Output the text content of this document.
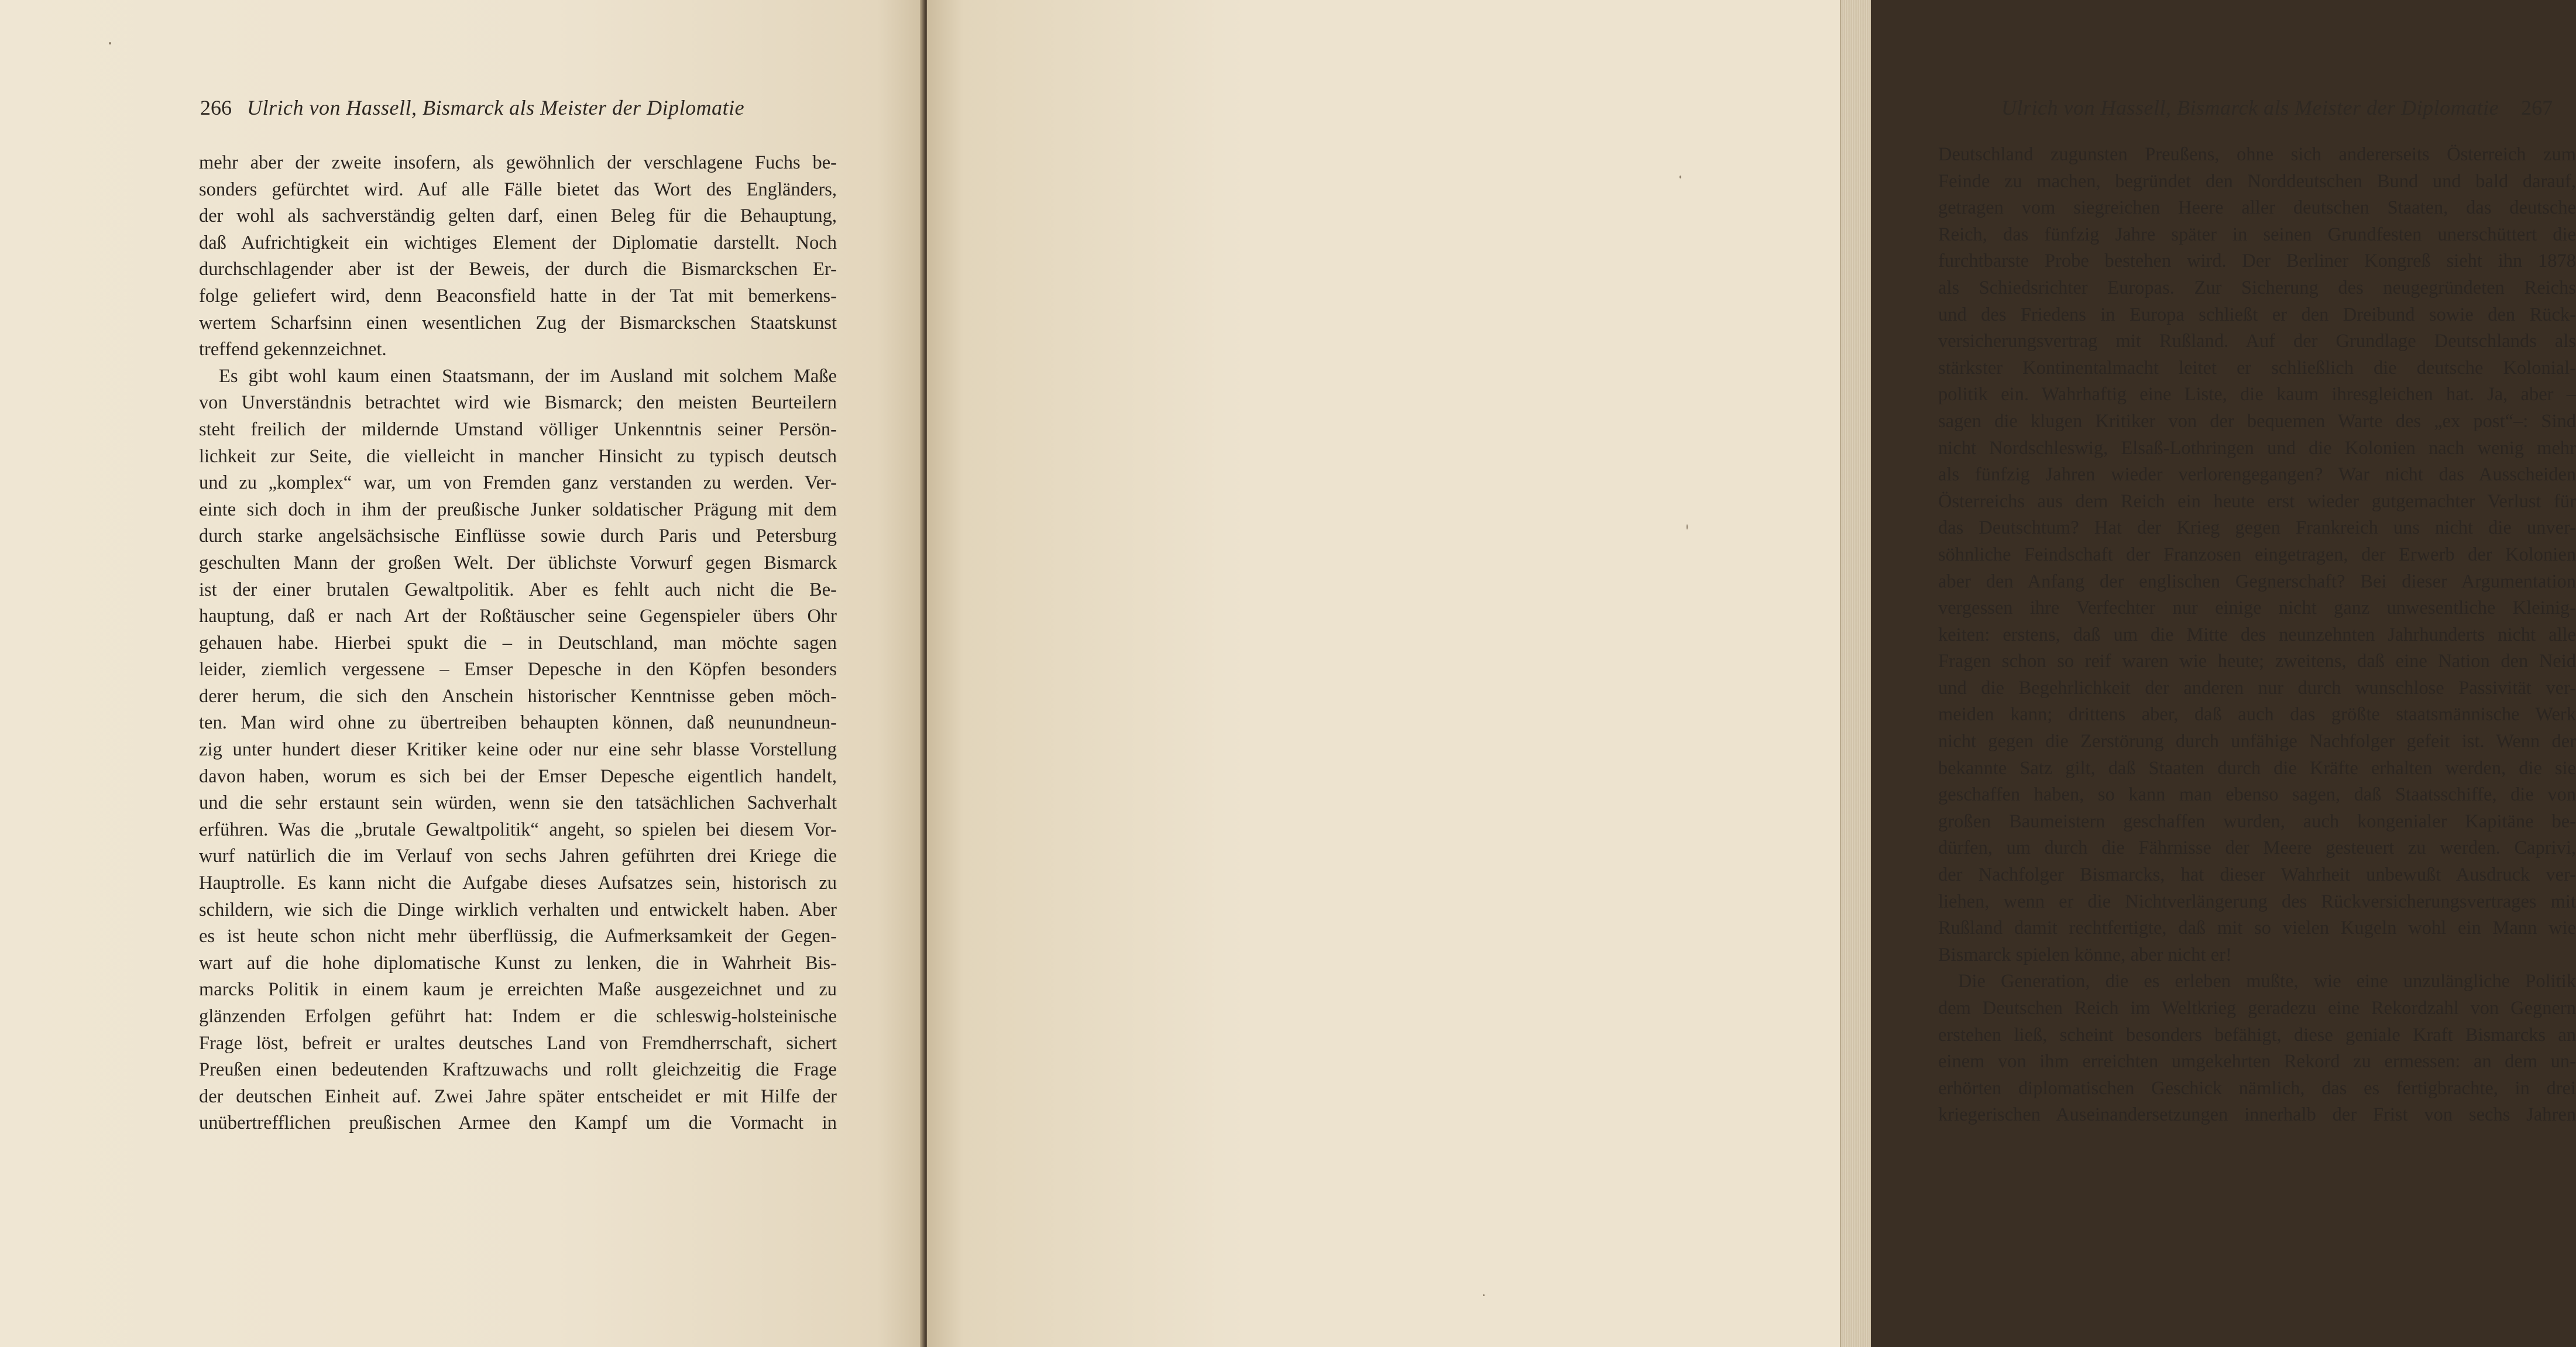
266 Ulrich von Hassell, Bismarck als Meister der Diplomatie
mehr aber der zweite insofern, als gewöhnlich der verschlagene Fuchs be-
sonders gefürchtet wird. Auf alle Fälle bietet das Wort des Engländers,
der wohl als sachverständig gelten darf, einen Beleg für die Behauptung,
daß Aufrichtigkeit ein wichtiges Element der Diplomatie darstellt. Noch
durchschlagender aber ist der Beweis, der durch die Bismarckschen Er-
folge geliefert wird, denn Beaconsfield hatte in der Tat mit bemerkens-
wertem Scharfsinn einen wesentlichen Zug der Bismarckschen Staatskunst
treffend gekennzeichnet.
Es gibt wohl kaum einen Staatsmann, der im Ausland mit solchem Maße
von Unverständnis betrachtet wird wie Bismarck; den meisten Beurteilern
steht freilich der mildernde Umstand völliger Unkenntnis seiner Persön-
lichkeit zur Seite, die vielleicht in mancher Hinsicht zu typisch deutsch
und zu „komplex“ war, um von Fremden ganz verstanden zu werden. Ver-
einte sich doch in ihm der preußische Junker soldatischer Prägung mit dem
durch starke angelsächsische Einflüsse sowie durch Paris und Petersburg
geschulten Mann der großen Welt. Der üblichste Vorwurf gegen Bismarck
ist der einer brutalen Gewaltpolitik. Aber es fehlt auch nicht die Be-
hauptung, daß er nach Art der Roßtäuscher seine Gegenspieler übers Ohr
gehauen habe. Hierbei spukt die – in Deutschland, man möchte sagen
leider, ziemlich vergessene – Emser Depesche in den Köpfen besonders
derer herum, die sich den Anschein historischer Kenntnisse geben möch-
ten. Man wird ohne zu übertreiben behaupten können, daß neunundneun-
zig unter hundert dieser Kritiker keine oder nur eine sehr blasse Vorstellung
davon haben, worum es sich bei der Emser Depesche eigentlich handelt,
und die sehr erstaunt sein würden, wenn sie den tatsächlichen Sachverhalt
erführen. Was die „brutale Gewaltpolitik“ angeht, so spielen bei diesem Vor-
wurf natürlich die im Verlauf von sechs Jahren geführten drei Kriege die
Hauptrolle. Es kann nicht die Aufgabe dieses Aufsatzes sein, historisch zu
schildern, wie sich die Dinge wirklich verhalten und entwickelt haben. Aber
es ist heute schon nicht mehr überflüssig, die Aufmerksamkeit der Gegen-
wart auf die hohe diplomatische Kunst zu lenken, die in Wahrheit Bis-
marcks Politik in einem kaum je erreichten Maße ausgezeichnet und zu
glänzenden Erfolgen geführt hat: Indem er die schleswig-holsteinische
Frage löst, befreit er uraltes deutsches Land von Fremdherrschaft, sichert
Preußen einen bedeutenden Kraftzuwachs und rollt gleichzeitig die Frage
der deutschen Einheit auf. Zwei Jahre später entscheidet er mit Hilfe der
unübertrefflichen preußischen Armee den Kampf um die Vormacht in
Ulrich von Hassell, Bismarck als Meister der Diplomatie 267
Deutschland zugunsten Preußens, ohne sich andererseits Österreich zum
Feinde zu machen, begründet den Norddeutschen Bund und bald darauf,
getragen vom siegreichen Heere aller deutschen Staaten, das deutsche
Reich, das fünfzig Jahre später in seinen Grundfesten unerschüttert die
furchtbarste Probe bestehen wird. Der Berliner Kongreß sieht ihn 1878
als Schiedsrichter Europas. Zur Sicherung des neugegründeten Reichs
und des Friedens in Europa schließt er den Dreibund sowie den Rück-
versicherungsvertrag mit Rußland. Auf der Grundlage Deutschlands als
stärkster Kontinentalmacht leitet er schließlich die deutsche Kolonial-
politik ein. Wahrhaftig eine Liste, die kaum ihresgleichen hat. Ja, aber –
sagen die klugen Kritiker von der bequemen Warte des „ex post“–: Sind
nicht Nordschleswig, Elsaß-Lothringen und die Kolonien nach wenig mehr
als fünfzig Jahren wieder verlorengegangen? War nicht das Ausscheiden
Österreichs aus dem Reich ein heute erst wieder gutgemachter Verlust für
das Deutschtum? Hat der Krieg gegen Frankreich uns nicht die unver-
söhnliche Feindschaft der Franzosen eingetragen, der Erwerb der Kolonien
aber den Anfang der englischen Gegnerschaft? Bei dieser Argumentation
vergessen ihre Verfechter nur einige nicht ganz unwesentliche Kleinig-
keiten: erstens, daß um die Mitte des neunzehnten Jahrhunderts nicht alle
Fragen schon so reif waren wie heute; zweitens, daß eine Nation den Neid
und die Begehrlichkeit der anderen nur durch wunschlose Passivität ver-
meiden kann; drittens aber, daß auch das größte staatsmännische Werk
nicht gegen die Zerstörung durch unfähige Nachfolger gefeit ist. Wenn der
bekannte Satz gilt, daß Staaten durch die Kräfte erhalten werden, die sie
geschaffen haben, so kann man ebenso sagen, daß Staatsschiffe, die von
großen Baumeistern geschaffen wurden, auch kongenialer Kapitäne be-
dürfen, um durch die Fährnisse der Meere gesteuert zu werden. Caprivi,
der Nachfolger Bismarcks, hat dieser Wahrheit unbewußt Ausdruck ver-
liehen, wenn er die Nichtverlängerung des Rückversicherungsvertrages mit
Rußland damit rechtfertigte, daß mit so vielen Kugeln wohl ein Mann wie
Bismarck spielen könne, aber nicht er!
Die Generation, die es erleben mußte, wie eine unzulängliche Politik
dem Deutschen Reich im Weltkrieg geradezu eine Rekordzahl von Gegnern
erstehen ließ, scheint besonders befähigt, diese geniale Kraft Bismarcks an
einem von ihm erreichten umgekehrten Rekord zu ermessen: an dem un-
erhörten diplomatischen Geschick nämlich, das es fertigbrachte, in drei
kriegerischen Auseinandersetzungen innerhalb der Frist von sechs Jahren
